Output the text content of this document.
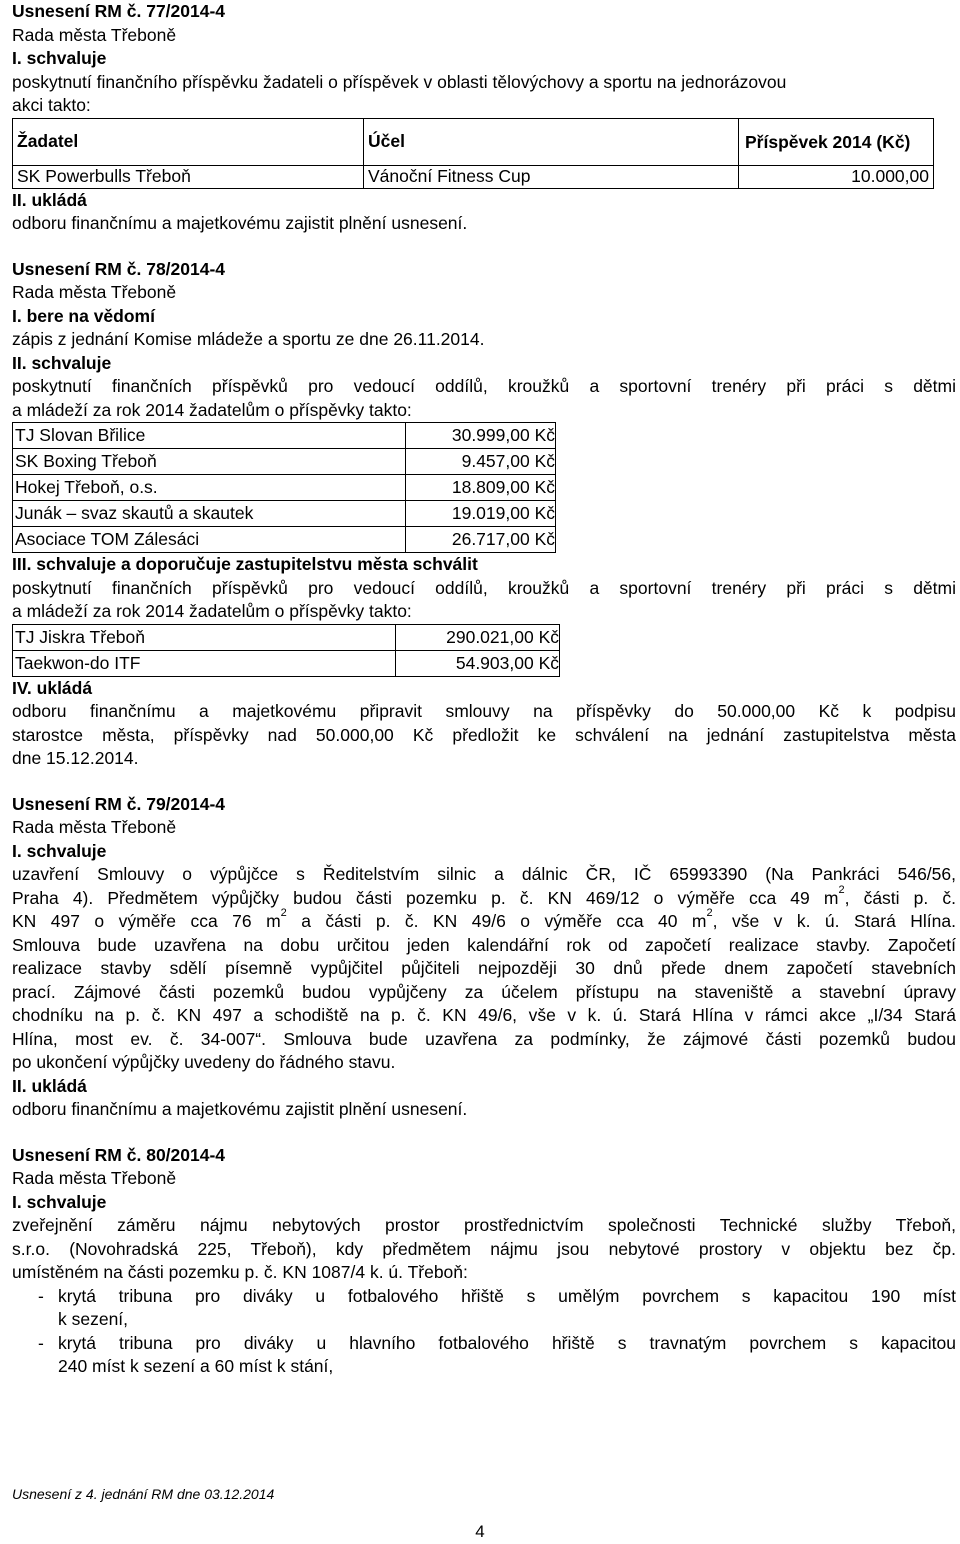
Usnesení RM č. 77/2014-4
Rada města Třeboně
I. schvaluje
poskytnutí finančního příspěvku žadateli o příspěvek v oblasti tělovýchovy a sportu na jednorázovou
akci takto:
Žadatel	Účel	Příspěvek 2014 (Kč)
SK Powerbulls Třeboň	Vánoční Fitness Cup	10.000,00
II. ukládá
odboru finančnímu a majetkovému zajistit plnění usnesení.
Usnesení RM č. 78/2014-4
Rada města Třeboně
I. bere na vědomí
zápis z jednání Komise mládeže a sportu ze dne 26.11.2014.
II. schvaluje
poskytnutí finančních příspěvků pro vedoucí oddílů, kroužků a sportovní trenéry při práci s dětmi
a mládeží za rok 2014 žadatelům o příspěvky takto:
TJ Slovan Břilice	30.999,00 Kč
SK Boxing Třeboň	9.457,00 Kč
Hokej Třeboň, o.s.	18.809,00 Kč
Junák – svaz skautů a skautek	19.019,00 Kč
Asociace TOM Zálesáci	26.717,00 Kč
III. schvaluje a doporučuje zastupitelstvu města schválit
poskytnutí finančních příspěvků pro vedoucí oddílů, kroužků a sportovní trenéry při práci s dětmi
a mládeží za rok 2014 žadatelům o příspěvky takto:
TJ Jiskra Třeboň	290.021,00 Kč
Taekwon-do ITF	54.903,00 Kč
IV. ukládá
odboru finančnímu a majetkovému připravit smlouvy na příspěvky do 50.000,00 Kč k podpisu
starostce města, příspěvky nad 50.000,00 Kč předložit ke schválení na jednání zastupitelstva města
dne 15.12.2014.
Usnesení RM č. 79/2014-4
Rada města Třeboně
I. schvaluje
uzavření Smlouvy o výpůjčce s Ředitelstvím silnic a dálnic ČR, IČ 65993390 (Na Pankráci 546/56,
Praha 4). Předmětem výpůjčky budou části pozemku p. č. KN 469/12 o výměře cca 49 $m^2$, části p. č.
KN 497 o výměře cca 76 $m^2$ a části p. č. KN 49/6 o výměře cca 40 $m^2$, vše v k. ú. Stará Hlína.
Smlouva bude uzavřena na dobu určitou jeden kalendářní rok od započetí realizace stavby. Započetí
realizace stavby sdělí písemně vypůjčitel půjčiteli nejpozději 30 dnů přede dnem započetí stavebních
prací. Zájmové části pozemků budou vypůjčeny za účelem přístupu na staveniště a stavební úpravy
chodníku na p. č. KN 497 a schodiště na p. č. KN 49/6, vše v k. ú. Stará Hlína v rámci akce „I/34 Stará
Hlína, most ev. č. 34-007“. Smlouva bude uzavřena za podmínky, že zájmové části pozemků budou
po ukončení výpůjčky uvedeny do řádného stavu.
II. ukládá
odboru finančnímu a majetkovému zajistit plnění usnesení.
Usnesení RM č. 80/2014-4
Rada města Třeboně
I. schvaluje
zveřejnění záměru nájmu nebytových prostor prostřednictvím společnosti Technické služby Třeboň,
s.r.o. (Novohradská 225, Třeboň), kdy předmětem nájmu jsou nebytové prostory v objektu bez čp.
umístěném na části pozemku p. č. KN 1087/4 k. ú. Třeboň:
- krytá tribuna pro diváky u fotbalového hřiště s umělým povrchem s kapacitou 190 míst
k sezení,
- krytá tribuna pro diváky u hlavního fotbalového hřiště s travnatým povrchem s kapacitou
240 míst k sezení a 60 míst k stání,
Usnesení z 4. jednání RM dne 03.12.2014
4
